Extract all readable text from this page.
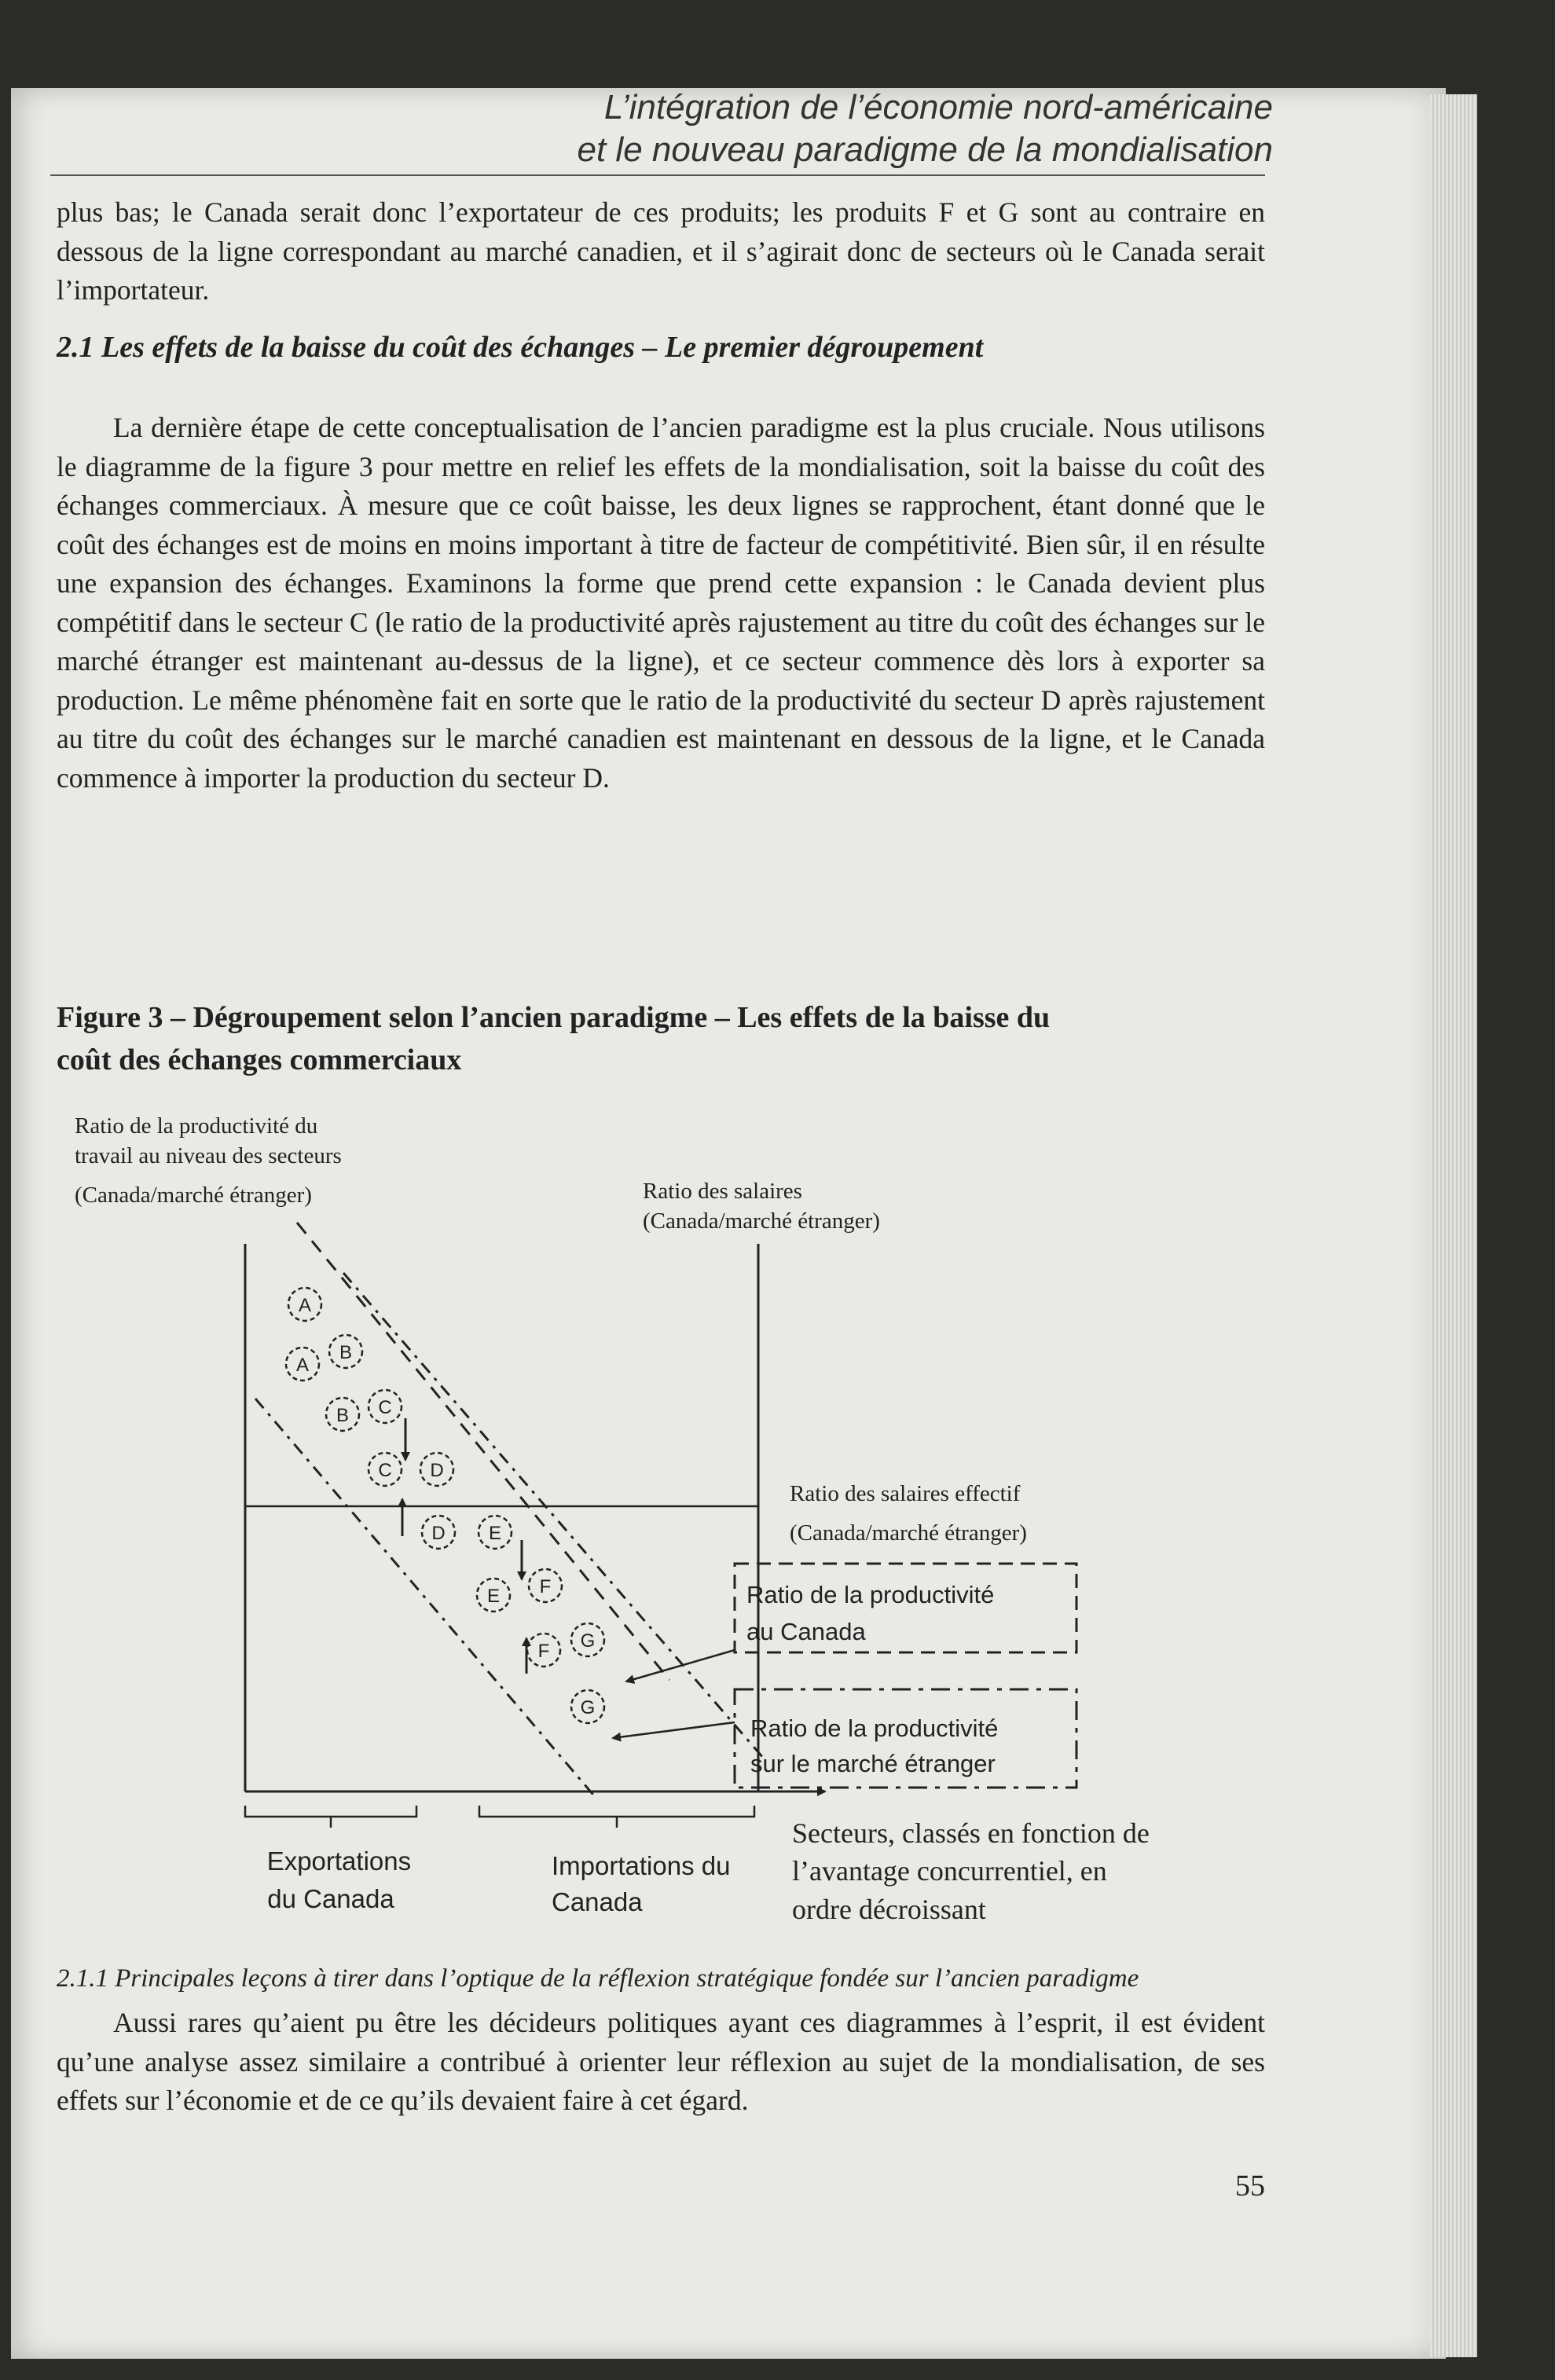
L’intégration de l’économie nord-américaine
et le nouveau paradigme de la mondialisation

plus bas; le Canada serait donc l’exportateur de ces produits; les produits F et G sont au contraire en dessous de la ligne correspondant au marché canadien, et il s’agirait donc de secteurs où le Canada serait l’importateur.

2.1 Les effets de la baisse du coût des échanges – Le premier dégroupement

La dernière étape de cette conceptualisation de l’ancien paradigme est la plus cruciale. Nous utilisons le diagramme de la figure 3 pour mettre en relief les effets de la mondialisation, soit la baisse du coût des échanges commerciaux. À mesure que ce coût baisse, les deux lignes se rapprochent, étant donné que le coût des échanges est de moins en moins important à titre de facteur de compétitivité. Bien sûr, il en résulte une expansion des échanges. Examinons la forme que prend cette expansion : le Canada devient plus compétitif dans le secteur C (le ratio de la productivité après rajustement au titre du coût des échanges sur le marché étranger est maintenant au-dessus de la ligne), et ce secteur commence dès lors à exporter sa production. Le même phénomène fait en sorte que le ratio de la productivité du secteur D après rajustement au titre du coût des échanges sur le marché canadien est maintenant en dessous de la ligne, et le Canada commence à importer la production du secteur D.

Figure 3 – Dégroupement selon l’ancien paradigme – Les effets de la baisse du
coût des échanges commerciaux
Ratio de la productivité du travail au niveau des secteurs (Canada/marché étranger)	Ratio des salaires (Canada/marché étranger)
Ratio des salaires effectif (Canada/marché étranger)
A
B
A
B C
C D
D E
E F
F G
G
Ratio de la productivité au Canada
Ratio de la productivité sur le marché étranger
Exportations du Canada
Importations du Canada
Secteurs, classés en fonction de l’avantage concurrentiel, en ordre décroissant

2.1.1 Principales leçons à tirer dans l’optique de la réflexion stratégique fondée sur l’ancien paradigme

Aussi rares qu’aient pu être les décideurs politiques ayant ces diagrammes à l’esprit, il est évident qu’une analyse assez similaire a contribué à orienter leur réflexion au sujet de la mondialisation, de ses effets sur l’économie et de ce qu’ils devaient faire à cet égard.

55
